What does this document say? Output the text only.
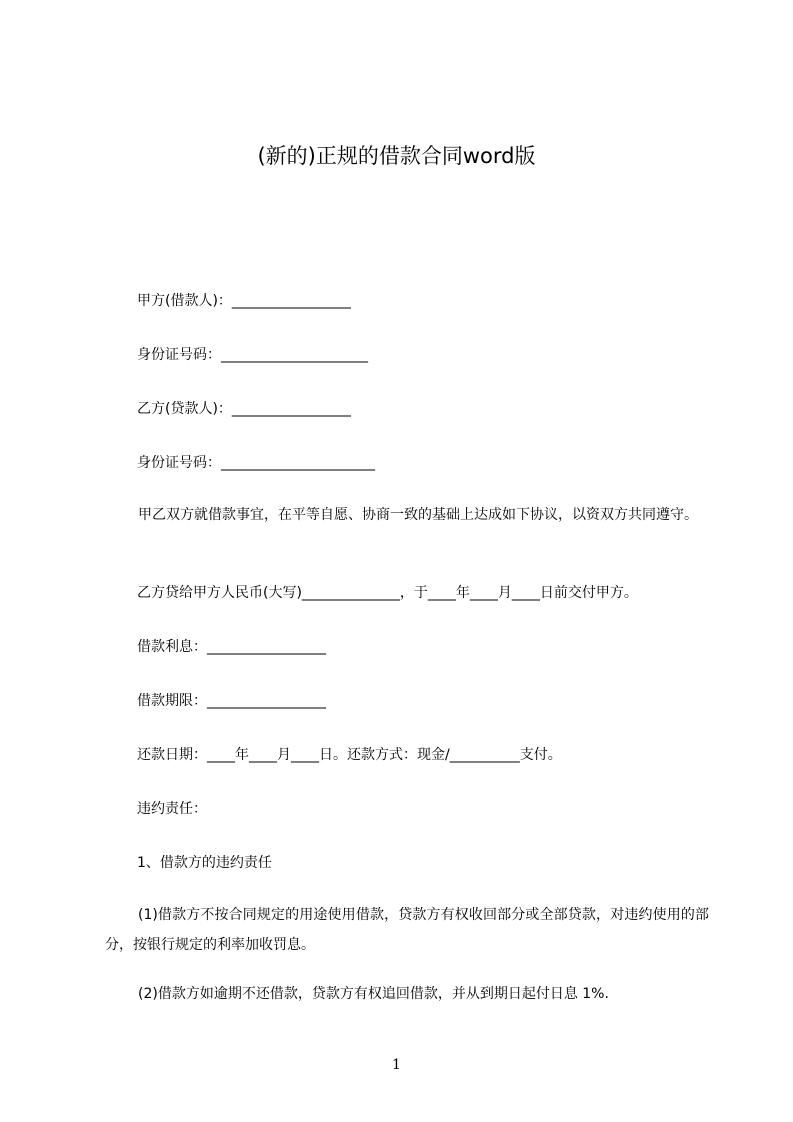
(新的)正规的借款合同word版

甲方(借款人)：_________________

身份证号码：_____________________

乙方(贷款人)：_________________

身份证号码：______________________

甲乙双方就借款事宜，在平等自愿、协商一致的基础上达成如下协议，以资双方共同遵守。

乙方贷给甲方人民币(大写)______________，于____年____月____日前交付甲方。

借款利息：_________________

借款期限：_________________

还款日期：____年____月____日。还款方式：现金/__________支付。

违约责任：

1、借款方的违约责任

(1)借款方不按合同规定的用途使用借款，贷款方有权收回部分或全部贷款，对违约使用的部分，按银行规定的利率加收罚息。

(2)借款方如逾期不还借款，贷款方有权追回借款，并从到期日起付日息 1%.

1
